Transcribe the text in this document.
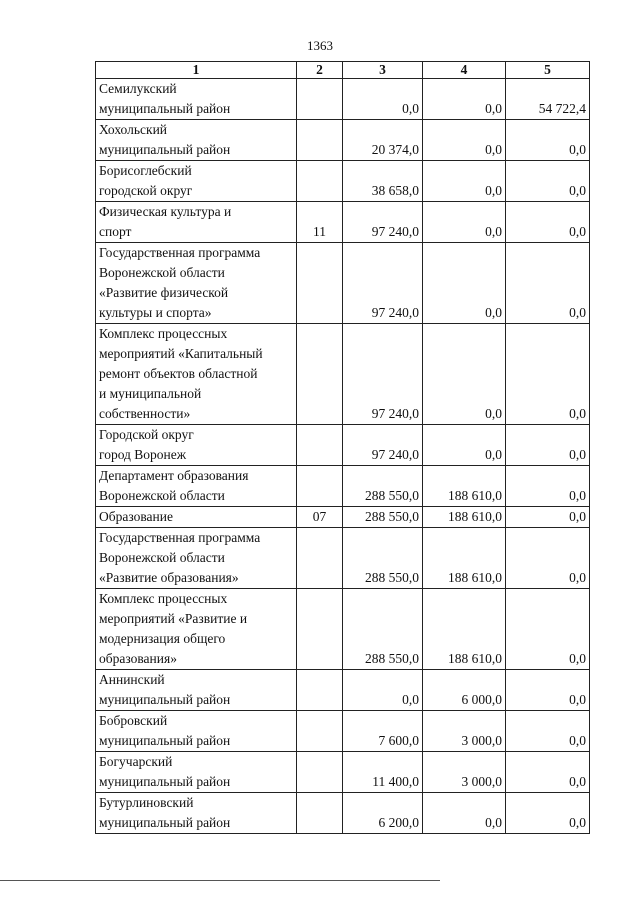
1363
1	2	3	4	5
Семилукский
муниципальный район		0,0	0,0	54 722,4
Хохольский
муниципальный район		20 374,0	0,0	0,0
Борисоглебский
городской округ		38 658,0	0,0	0,0
Физическая культура и
спорт	11	97 240,0	0,0	0,0
Государственная программа
Воронежской области
«Развитие физической
культуры и спорта»		97 240,0	0,0	0,0
Комплекс процессных
мероприятий «Капитальный
ремонт объектов областной
и муниципальной
собственности»		97 240,0	0,0	0,0
Городской округ
город Воронеж		97 240,0	0,0	0,0
Департамент образования
Воронежской области		288 550,0	188 610,0	0,0
Образование	07	288 550,0	188 610,0	0,0
Государственная программа
Воронежской области
«Развитие образования»		288 550,0	188 610,0	0,0
Комплекс процессных
мероприятий «Развитие и
модернизация общего
образования»		288 550,0	188 610,0	0,0
Аннинский
муниципальный район		0,0	6 000,0	0,0
Бобровский
муниципальный район		7 600,0	3 000,0	0,0
Богучарский
муниципальный район		11 400,0	3 000,0	0,0
Бутурлиновский
муниципальный район		6 200,0	0,0	0,0
